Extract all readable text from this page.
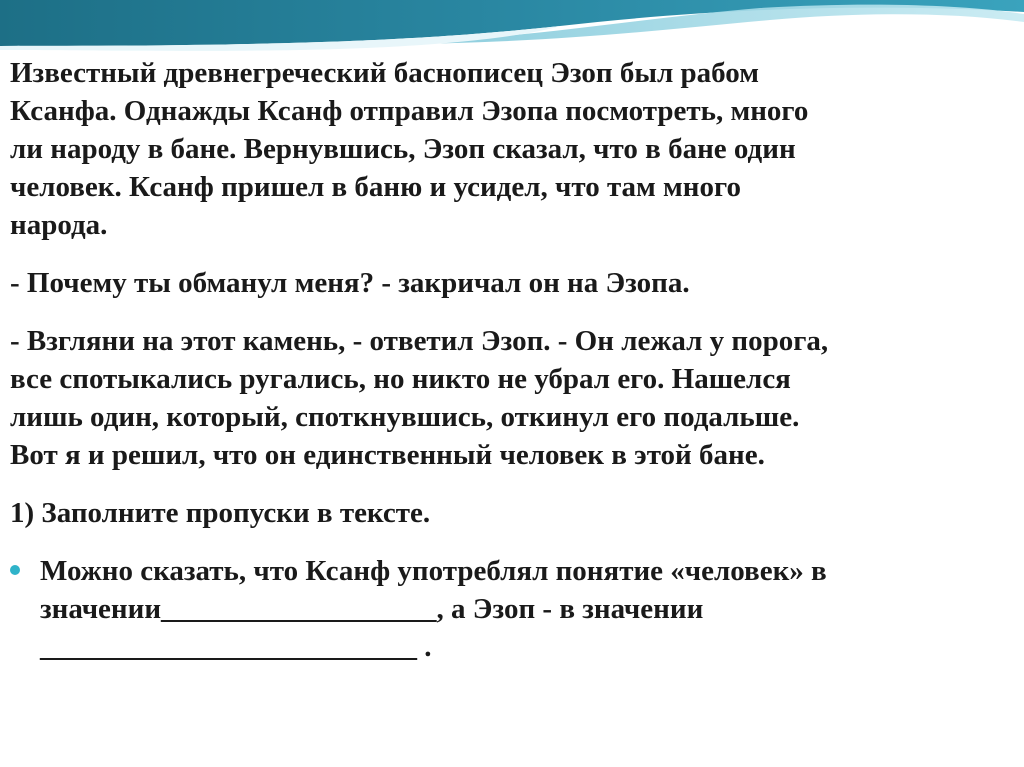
Известный древнегреческий баснописец Эзоп был рабом
Ксанфа. Однажды Ксанф отправил Эзопа посмотреть, много
ли народу в бане. Вернувшись, Эзоп сказал, что в бане один
человек. Ксанф пришел в баню и усидел, что там много
народа.
- Почему ты обманул меня? - закричал он на Эзопа.
- Взгляни на этот камень, - ответил Эзоп. - Он лежал у порога,
все спотыкались ругались, но никто не убрал его. Нашелся
лишь один, который, споткнувшись, откинул его подальше.
Вот я и решил, что он единственный человек в этой бане.
1) Заполните пропуски в тексте.
Можно сказать, что Ксанф употреблял понятие «человек» в
значении___________________, а Эзоп - в значении
__________________________ .
